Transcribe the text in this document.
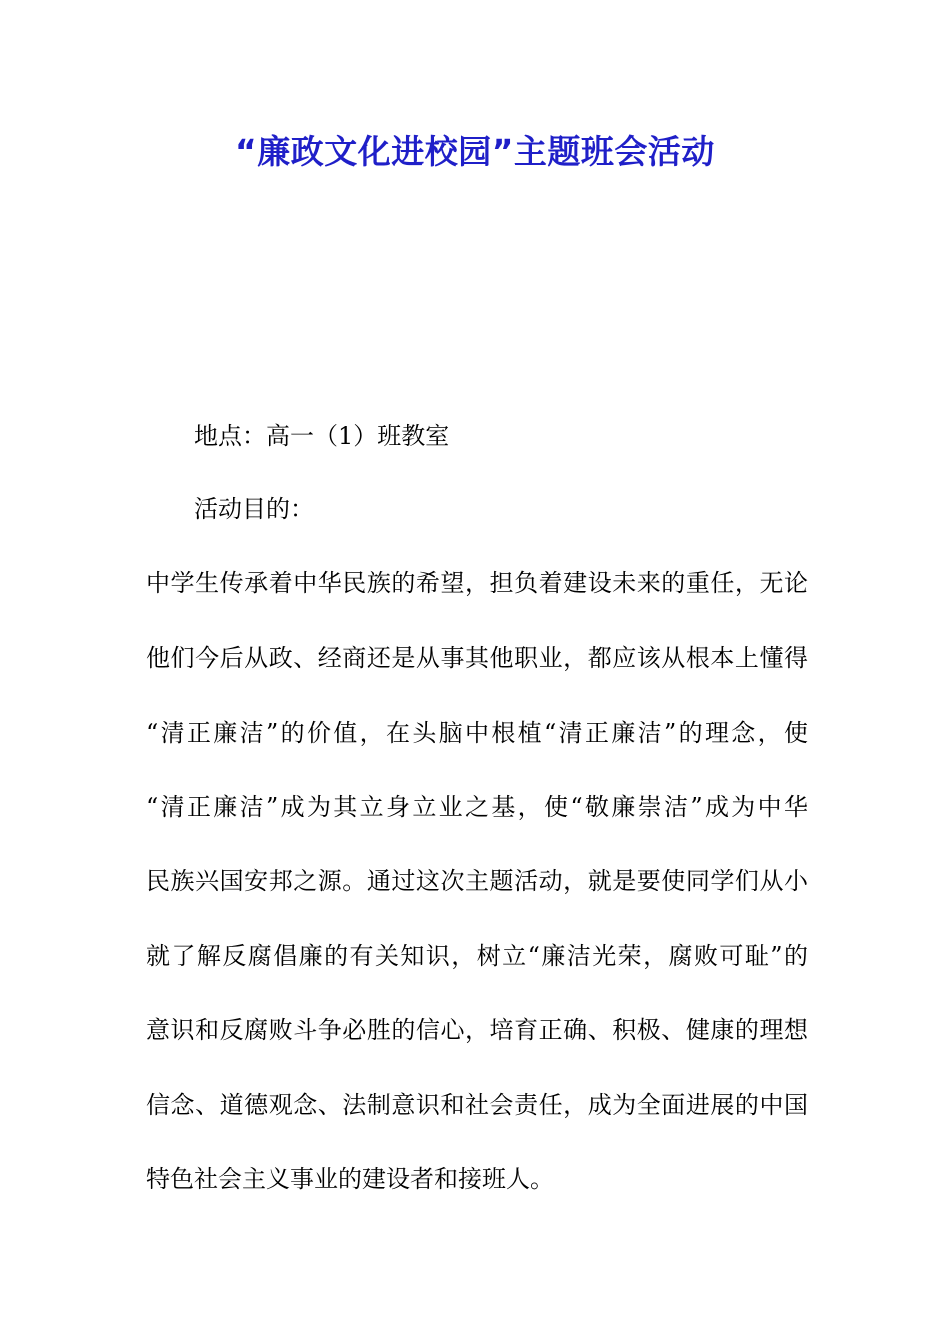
“廉政文化进校园”主题班会活动

地点：高一（1）班教室

活动目的：

中学生传承着中华民族的希望，担负着建设未来的重任，无论

他们今后从政、经商还是从事其他职业，都应该从根本上懂得

“清正廉洁”的价值，在头脑中根植“清正廉洁”的理念，使

“清正廉洁”成为其立身立业之基，使“敬廉崇洁”成为中华

民族兴国安邦之源。通过这次主题活动，就是要使同学们从小

就了解反腐倡廉的有关知识，树立“廉洁光荣，腐败可耻”的

意识和反腐败斗争必胜的信心，培育正确、积极、健康的理想

信念、道德观念、法制意识和社会责任，成为全面进展的中国

特色社会主义事业的建设者和接班人。
